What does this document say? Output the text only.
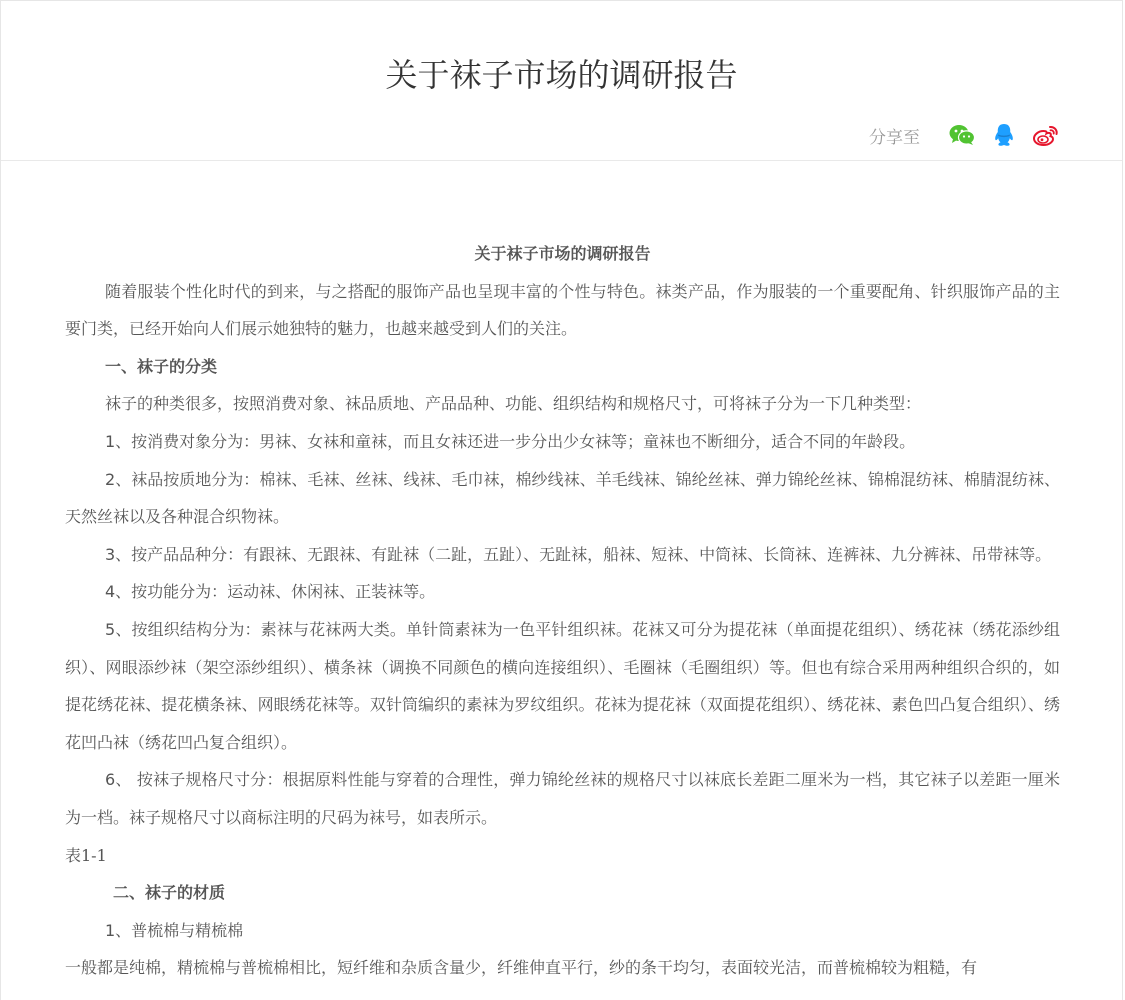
关于袜子市场的调研报告
分享至

关于袜子市场的调研报告

随着服装个性化时代的到来，与之搭配的服饰产品也呈现丰富的个性与特色。袜类产品，作为服装的一个重要配角、针织服饰产品的主要门类，已经开始向人们展示她独特的魅力，也越来越受到人们的关注。

一、袜子的分类

袜子的种类很多，按照消费对象、袜品质地、产品品种、功能、组织结构和规格尺寸，可将袜子分为一下几种类型：

1、按消费对象分为：男袜、女袜和童袜，而且女袜还进一步分出少女袜等；童袜也不断细分，适合不同的年龄段。

2、袜品按质地分为：棉袜、毛袜、丝袜、线袜、毛巾袜，棉纱线袜、羊毛线袜、锦纶丝袜、弹力锦纶丝袜、锦棉混纺袜、棉腈混纺袜、天然丝袜以及各种混合织物袜。

3、按产品品种分：有跟袜、无跟袜、有趾袜（二趾，五趾）、无趾袜，船袜、短袜、中筒袜、长筒袜、连裤袜、九分裤袜、吊带袜等。

4、按功能分为：运动袜、休闲袜、正装袜等。

5、按组织结构分为：素袜与花袜两大类。单针筒素袜为一色平针组织袜。花袜又可分为提花袜（单面提花组织）、绣花袜（绣花添纱组织）、网眼添纱袜（架空添纱组织）、横条袜（调换不同颜色的横向连接组织）、毛圈袜（毛圈组织）等。但也有综合采用两种组织合织的，如提花绣花袜、提花横条袜、网眼绣花袜等。双针筒编织的素袜为罗纹组织。花袜为提花袜（双面提花组织）、绣花袜、素色凹凸复合组织）、绣花凹凸袜（绣花凹凸复合组织）。

6、 按袜子规格尺寸分：根据原料性能与穿着的合理性，弹力锦纶丝袜的规格尺寸以袜底长差距二厘米为一档，其它袜子以差距一厘米为一档。袜子规格尺寸以商标注明的尺码为袜号，如表所示。

表1-1

二、袜子的材质

1、普梳棉与精梳棉

一般都是纯棉，精梳棉与普梳棉相比，短纤维和杂质含量少，纤维伸直平行，纱的条干均匀，表面较光洁，而普梳棉较为粗糙，有
